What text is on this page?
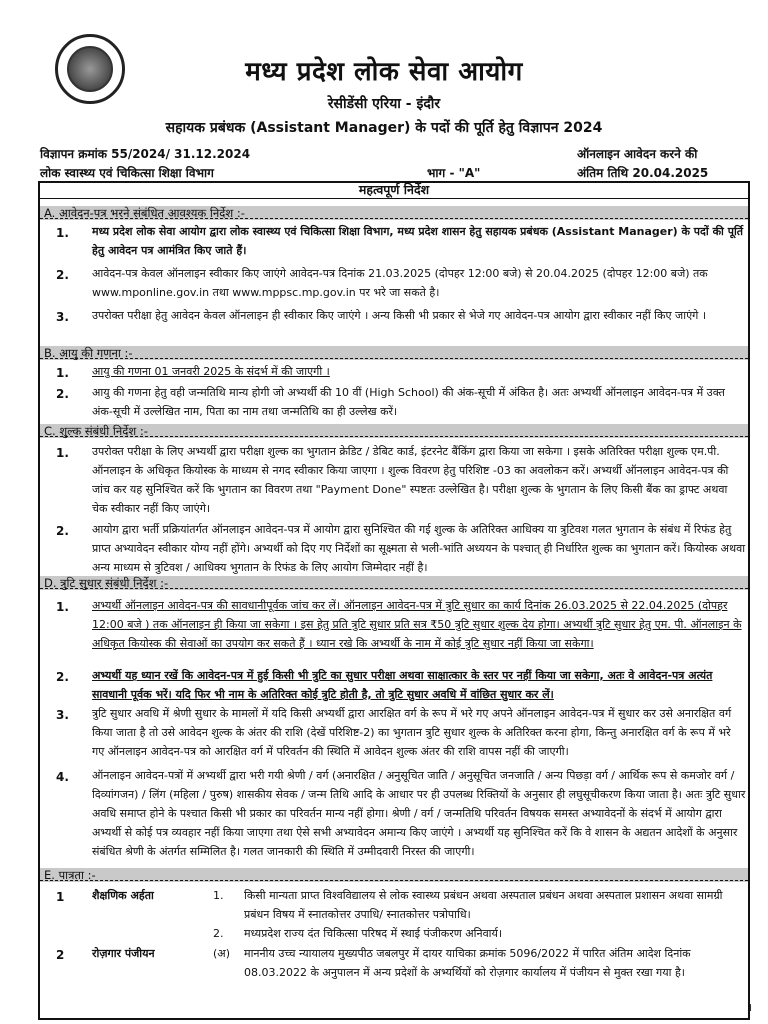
मध्य प्रदेश लोक सेवा आयोग
रेसीडेंसी एरिया - इंदौर
सहायक प्रबंधक (Assistant Manager) के पदों की पूर्ति हेतु विज्ञापन 2024
विज्ञापन क्रमांक 55/2024/ 31.12.2024
लोक स्वास्थ्य एवं चिकित्सा शिक्षा विभाग	भाग - "A"
ऑनलाइन आवेदन करने की
अंतिम तिथि 20.04.2025
महत्वपूर्ण निर्देश
A. आवेदन-पत्र भरने संबंधित आवश्यक निर्देश :-
1. मध्य प्रदेश लोक सेवा आयोग द्वारा लोक स्वास्थ्य एवं चिकित्सा शिक्षा विभाग, मध्य प्रदेश शासन हेतु सहायक प्रबंधक (Assistant Manager) के पदों की पूर्ति हेतु आवेदन पत्र आमंत्रित किए जाते हैं।
2. आवेदन-पत्र केवल ऑनलाइन स्वीकार किए जाएंगे आवेदन-पत्र दिनांक 21.03.2025 (दोपहर 12:00 बजे) से 20.04.2025 (दोपहर 12:00 बजे) तक www.mponline.gov.in तथा www.mppsc.mp.gov.in पर भरे जा सकते है।
3. उपरोक्त परीक्षा हेतु आवेदन केवल ऑनलाइन ही स्वीकार किए जाएंगे । अन्य किसी भी प्रकार से भेजे गए आवेदन-पत्र आयोग द्वारा स्वीकार नहीं किए जाएंगे ।
B. आयु की गणना :-
1. आयु की गणना 01 जनवरी 2025 के संदर्भ में की जाएगी ।
2. आयु की गणना हेतु वही जन्मतिथि मान्य होगी जो अभ्यर्थी की 10 वीं (High School) की अंक-सूची में अंकित है। अतः अभ्यर्थी ऑनलाइन आवेदन-पत्र में उक्त अंक-सूची में उल्लेखित नाम, पिता का नाम तथा जन्मतिथि का ही उल्लेख करें।
C. शुल्क संबंधी निर्देश :-
1. उपरोक्त परीक्षा के लिए अभ्यर्थी द्वारा परीक्षा शुल्क का भुगतान क्रेडिट / डेबिट कार्ड, इंटरनेट बैंकिंग द्वारा किया जा सकेगा । इसके अतिरिक्त परीक्षा शुल्क एम.पी. ऑनलाइन के अधिकृत कियोस्क के माध्यम से नगद स्वीकार किया जाएगा । शुल्क विवरण हेतु परिशिष्ट -03 का अवलोकन करें। अभ्यर्थी ऑनलाइन आवेदन-पत्र की जांच कर यह सुनिश्चित करें कि भुगतान का विवरण तथा "Payment Done" स्पष्टतः उल्लेखित है। परीक्षा शुल्क के भुगतान के लिए किसी बैंक का ड्राफ्ट अथवा चेक स्वीकार नहीं किए जाएंगे।
2. आयोग द्वारा भर्ती प्रक्रियांतर्गत ऑनलाइन आवेदन-पत्र में आयोग द्वारा सुनिश्चित की गई शुल्क के अतिरिक्त आधिक्य या त्रुटिवश गलत भुगतान के संबंध में रिफंड हेतु प्राप्त अभ्यावेदन स्वीकार योग्य नहीं होंगे। अभ्यर्थी को दिए गए निर्देशों का सूक्ष्मता से भली-भांति अध्ययन के पश्चात् ही निर्धारित शुल्क का भुगतान करें। कियोस्क अथवा अन्य माध्यम से त्रुटिवश / आधिक्य भुगतान के रिफंड के लिए आयोग जिम्मेदार नहीं है।
D. त्रुटि सुधार संबंधी निर्देश :-
1. अभ्यर्थी ऑनलाइन आवेदन-पत्र की सावधानीपूर्वक जांच कर लें। ऑनलाइन आवेदन-पत्र में त्रुटि सुधार का कार्य दिनांक 26.03.2025 से 22.04.2025 (दोपहर 12:00 बजे ) तक ऑनलाइन ही किया जा सकेगा । इस हेतु प्रति त्रुटि सुधार प्रति सत्र ₹50 त्रुटि सुधार शुल्क देय होगा। अभ्यर्थी त्रुटि सुधार हेतु एम. पी. ऑनलाइन के अधिकृत कियोस्क की सेवाओं का उपयोग कर सकते हैं । ध्यान रखे कि अभ्यर्थी के नाम में कोई त्रुटि सुधार नहीं किया जा सकेगा।
2. अभ्यर्थी यह ध्यान रखें कि आवेदन-पत्र में हुई किसी भी त्रुटि का सुधार परीक्षा अथवा साक्षात्कार के स्तर पर नहीं किया जा सकेगा, अतः वे आवेदन-पत्र अत्यंत सावधानी पूर्वक भरें। यदि फिर भी नाम के अतिरिक्त कोई त्रुटि होती है, तो त्रुटि सुधार अवधि में वांछित सुधार कर लें।
3. त्रुटि सुधार अवधि में श्रेणी सुधार के मामलों में यदि किसी अभ्यर्थी द्वारा आरक्षित वर्ग के रूप में भरे गए अपने ऑनलाइन आवेदन-पत्र में सुधार कर उसे अनारक्षित वर्ग किया जाता है तो उसे आवेदन शुल्क के अंतर की राशि (देखें परिशिष्ट-2) का भुगतान त्रुटि सुधार शुल्क के अतिरिक्त करना होगा, किन्तु अनारक्षित वर्ग के रूप में भरे गए ऑनलाइन आवेदन-पत्र को आरक्षित वर्ग में परिवर्तन की स्थिति में आवेदन शुल्क अंतर की राशि वापस नहीं की जाएगी।
4. ऑनलाइन आवेदन-पत्रों में अभ्यर्थी द्वारा भरी गयी श्रेणी / वर्ग (अनारक्षित / अनुसूचित जाति / अनुसूचित जनजाति / अन्य पिछड़ा वर्ग / आर्थिक रूप से कमजोर वर्ग / दिव्यांगजन) / लिंग (महिला / पुरुष) शासकीय सेवक / जन्म तिथि आदि के आधार पर ही उपलब्ध रिक्तियों के अनुसार ही लघुसूचीकरण किया जाता है। अतः त्रुटि सुधार अवधि समाप्त होने के पश्चात किसी भी प्रकार का परिवर्तन मान्य नहीं होगा। श्रेणी / वर्ग / जन्मतिथि परिवर्तन विषयक समस्त अभ्यावेदनों के संदर्भ में आयोग द्वारा अभ्यर्थी से कोई पत्र व्यवहार नहीं किया जाएगा तथा ऐसे सभी अभ्यावेदन अमान्य किए जाएंगे । अभ्यर्थी यह सुनिश्चित करें कि वे शासन के अद्यतन आदेशों के अनुसार संबंधित श्रेणी के अंतर्गत सम्मिलित है। गलत जानकारी की स्थिति में उम्मीदवारी निरस्त की जाएगी।
E. पात्रता :-
1	शैक्षणिक अर्हता	1. किसी मान्यता प्राप्त विश्वविद्यालय से लोक स्वास्थ्य प्रबंधन अथवा अस्पताल प्रबंधन अथवा अस्पताल प्रशासन अथवा सामग्री प्रबंधन विषय में स्नातकोत्तर उपाधि/ स्नातकोत्तर पत्रोपाधि।
2. मध्यप्रदेश राज्य दंत चिकित्सा परिषद में स्थाई पंजीकरण अनिवार्य।
2	रोज़गार पंजीयन	(अ) माननीय उच्च न्यायालय मुख्यपीठ जबलपुर में दायर याचिका क्रमांक 5096/2022 में पारित अंतिम आदेश दिनांक 08.03.2022 के अनुपालन में अन्य प्रदेशों के अभ्यर्थियों को रोज़गार कार्यालय में पंजीयन से मुक्त रखा गया है।
।
